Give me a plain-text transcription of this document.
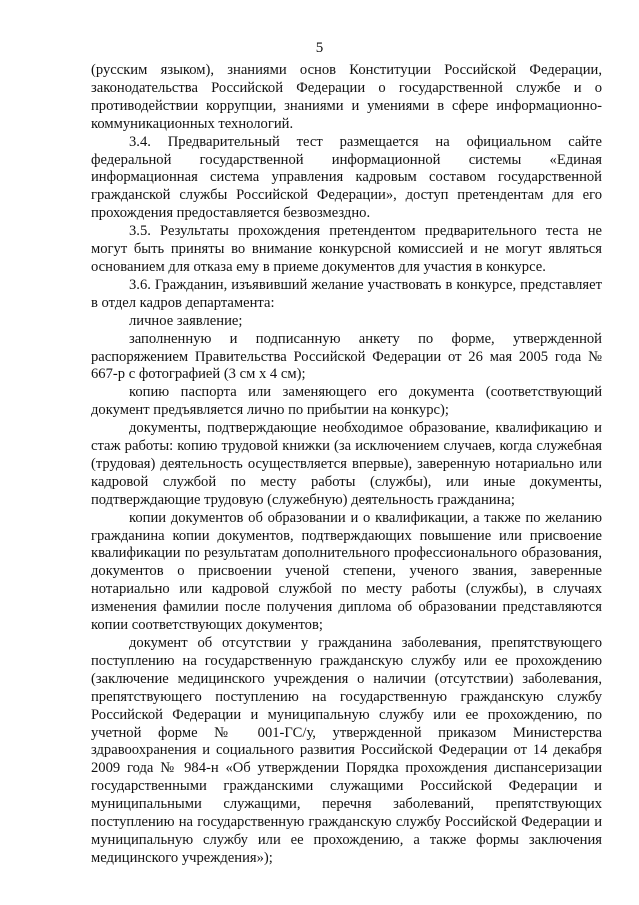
5

(русским языком), знаниями основ Конституции Российской Федерации, законодательства Российской Федерации о государственной службе и о противодействии коррупции, знаниями и умениями в сфере информационно-коммуникационных технологий.

3.4. Предварительный тест размещается на официальном сайте федеральной государственной информационной системы «Единая информационная система управления кадровым составом государственной гражданской службы Российской Федерации», доступ претендентам для его прохождения предоставляется безвозмездно.

3.5. Результаты прохождения претендентом предварительного теста не могут быть приняты во внимание конкурсной комиссией и не могут являться основанием для отказа ему в приеме документов для участия в конкурсе.

3.6. Гражданин, изъявивший желание участвовать в конкурсе, представляет в отдел кадров департамента:

личное заявление;

заполненную и подписанную анкету по форме, утвержденной распоряжением Правительства Российской Федерации от 26 мая 2005 года № 667-р с фотографией (3 см х 4 см);

копию паспорта или заменяющего его документа (соответствующий документ предъявляется лично по прибытии на конкурс);

документы, подтверждающие необходимое образование, квалификацию и стаж работы: копию трудовой книжки (за исключением случаев, когда служебная (трудовая) деятельность осуществляется впервые), заверенную нотариально или кадровой службой по месту работы (службы), или иные документы, подтверждающие трудовую (служебную) деятельность гражданина;

копии документов об образовании и о квалификации, а также по желанию гражданина копии документов, подтверждающих повышение или присвоение квалификации по результатам дополнительного профессионального образования, документов о присвоении ученой степени, ученого звания, заверенные нотариально или кадровой службой по месту работы (службы), в случаях изменения фамилии после получения диплома об образовании представляются копии соответствующих документов;

документ об отсутствии у гражданина заболевания, препятствующего поступлению на государственную гражданскую службу или ее прохождению (заключение медицинского учреждения о наличии (отсутствии) заболевания, препятствующего поступлению на государственную гражданскую службу Российской Федерации и муниципальную службу или ее прохождению, по учетной форме № 001-ГС/у, утвержденной приказом Министерства здравоохранения и социального развития Российской Федерации от 14 декабря 2009 года № 984-н «Об утверждении Порядка прохождения диспансеризации государственными гражданскими служащими Российской Федерации и муниципальными служащими, перечня заболеваний, препятствующих поступлению на государственную гражданскую службу Российской Федерации и муниципальную службу или ее прохождению, а также формы заключения медицинского учреждения»);
